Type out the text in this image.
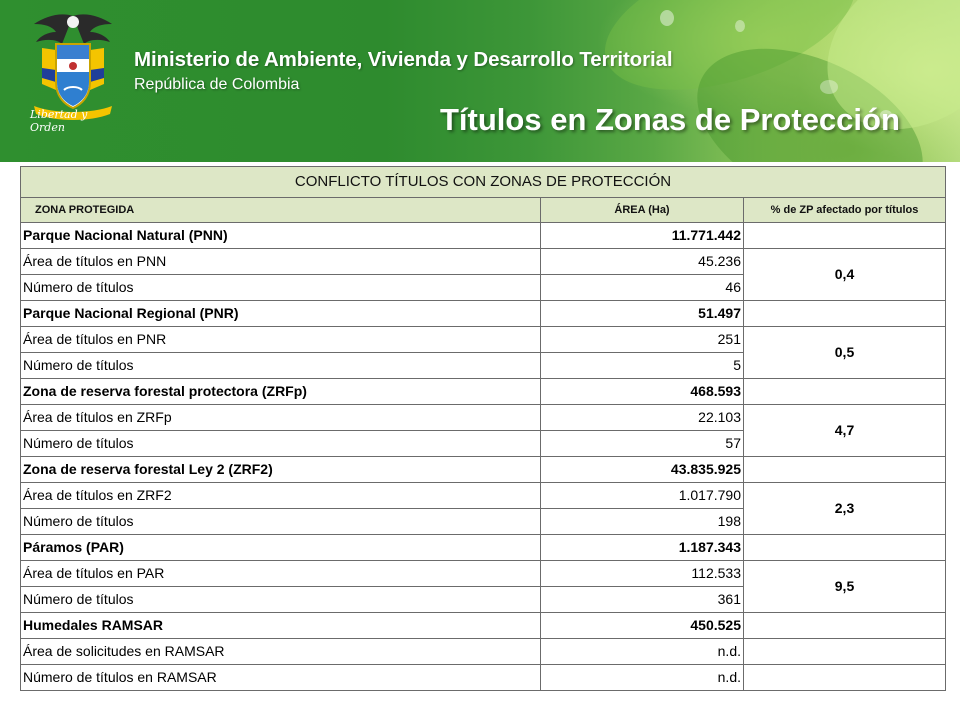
Libertad y Orden
Ministerio de Ambiente, Vivienda y Desarrollo Territorial
República de Colombia
Títulos en Zonas de Protección
CONFLICTO TÍTULOS CON ZONAS DE PROTECCIÓN		
ZONA PROTEGIDA	ÁREA (Ha)	% de ZP afectado por títulos
Parque Nacional Natural (PNN)	11.771.442	
Área de títulos en PNN	45.236	0,4
Número de títulos	46	
Parque Nacional Regional (PNR)	51.497	
Área de títulos en PNR	251	0,5
Número de títulos	5	
Zona de reserva forestal protectora (ZRFp)	468.593	
Área de títulos en ZRFp	22.103	4,7
Número de títulos	57	
Zona de reserva forestal Ley 2 (ZRF2)	43.835.925	
Área de títulos en ZRF2	1.017.790	2,3
Número de títulos	198	
Páramos (PAR)	1.187.343	
Área de títulos en PAR	112.533	9,5
Número de títulos	361	
Humedales RAMSAR	450.525	
Área de solicitudes en RAMSAR	n.d.	
Número de títulos en RAMSAR	n.d.	
